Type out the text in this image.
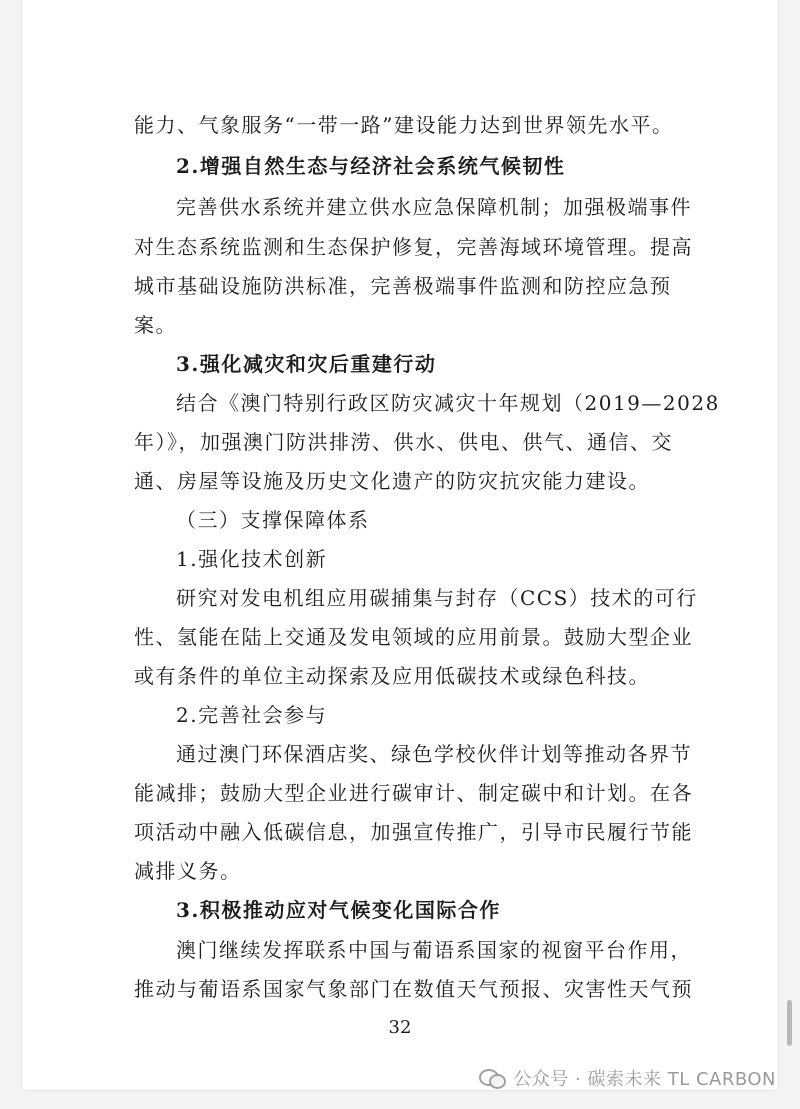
能力、气象服务“一带一路”建设能力达到世界领先水平。
2.增强自然生态与经济社会系统气候韧性
完善供水系统并建立供水应急保障机制；加强极端事件
对生态系统监测和生态保护修复，完善海域环境管理。提高
城市基础设施防洪标准，完善极端事件监测和防控应急预
案。
3.强化减灾和灾后重建行动
结合《澳门特别行政区防灾减灾十年规划（2019—2028
年）》，加强澳门防洪排涝、供水、供电、供气、通信、交
通、房屋等设施及历史文化遗产的防灾抗灾能力建设。
（三）支撑保障体系
1.强化技术创新
研究对发电机组应用碳捕集与封存（CCS）技术的可行
性、氢能在陆上交通及发电领域的应用前景。鼓励大型企业
或有条件的单位主动探索及应用低碳技术或绿色科技。
2.完善社会参与
通过澳门环保酒店奖、绿色学校伙伴计划等推动各界节
能减排；鼓励大型企业进行碳审计、制定碳中和计划。在各
项活动中融入低碳信息，加强宣传推广，引导市民履行节能
减排义务。
3.积极推动应对气候变化国际合作
澳门继续发挥联系中国与葡语系国家的视窗平台作用，
推动与葡语系国家气象部门在数值天气预报、灾害性天气预
32
公众号 · 碳索未来 TL CARBON
